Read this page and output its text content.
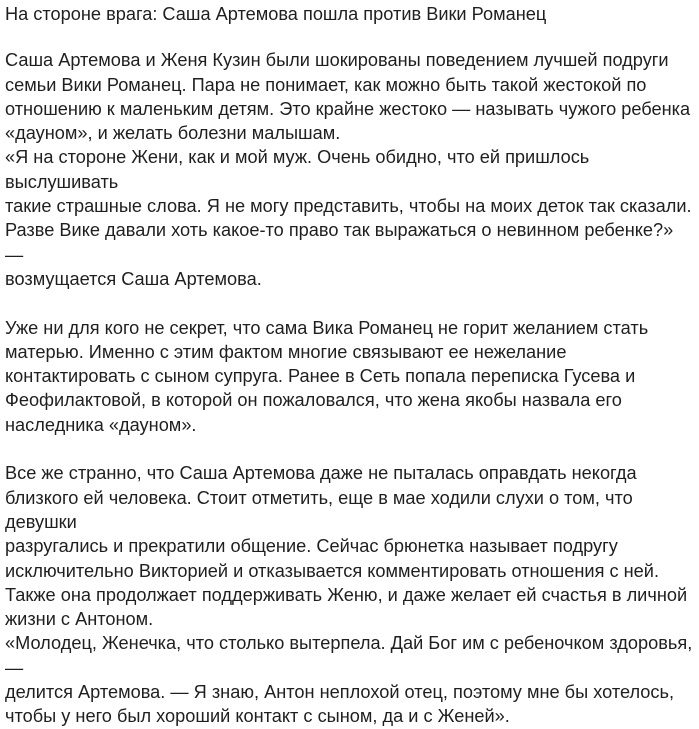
На стороне врага: Саша Артемова пошла против Вики Романец

Саша Артемова и Женя Кузин были шокированы поведением лучшей подруги
семьи Вики Романец. Пара не понимает, как можно быть такой жестокой по
отношению к маленьким детям. Это крайне жестоко — называть чужого ребенка
«дауном», и желать болезни малышам.

«Я на стороне Жени, как и мой муж. Очень обидно, что ей пришлось выслушивать
такие страшные слова. Я не могу представить, чтобы на моих деток так сказали.
Разве Вике давали хоть какое-то право так выражаться о невинном ребенке?» —
возмущается Саша Артемова.

Уже ни для кого не секрет, что сама Вика Романец не горит желанием стать
матерью. Именно с этим фактом многие связывают ее нежелание
контактировать с сыном супруга. Ранее в Сеть попала переписка Гусева и
Феофилактовой, в которой он пожаловался, что жена якобы назвала его
наследника «дауном».

Все же странно, что Саша Артемова даже не пыталась оправдать некогда
близкого ей человека. Стоит отметить, еще в мае ходили слухи о том, что девушки
разругались и прекратили общение. Сейчас брюнетка называет подругу
исключительно Викторией и отказывается комментировать отношения с ней.
Также она продолжает поддерживать Женю, и даже желает ей счастья в личной
жизни с Антоном.

«Молодец, Женечка, что столько вытерпела. Дай Бог им с ребеночком здоровья, —
делится Артемова. — Я знаю, Антон неплохой отец, поэтому мне бы хотелось,
чтобы у него был хороший контакт с сыном, да и с Женей».
